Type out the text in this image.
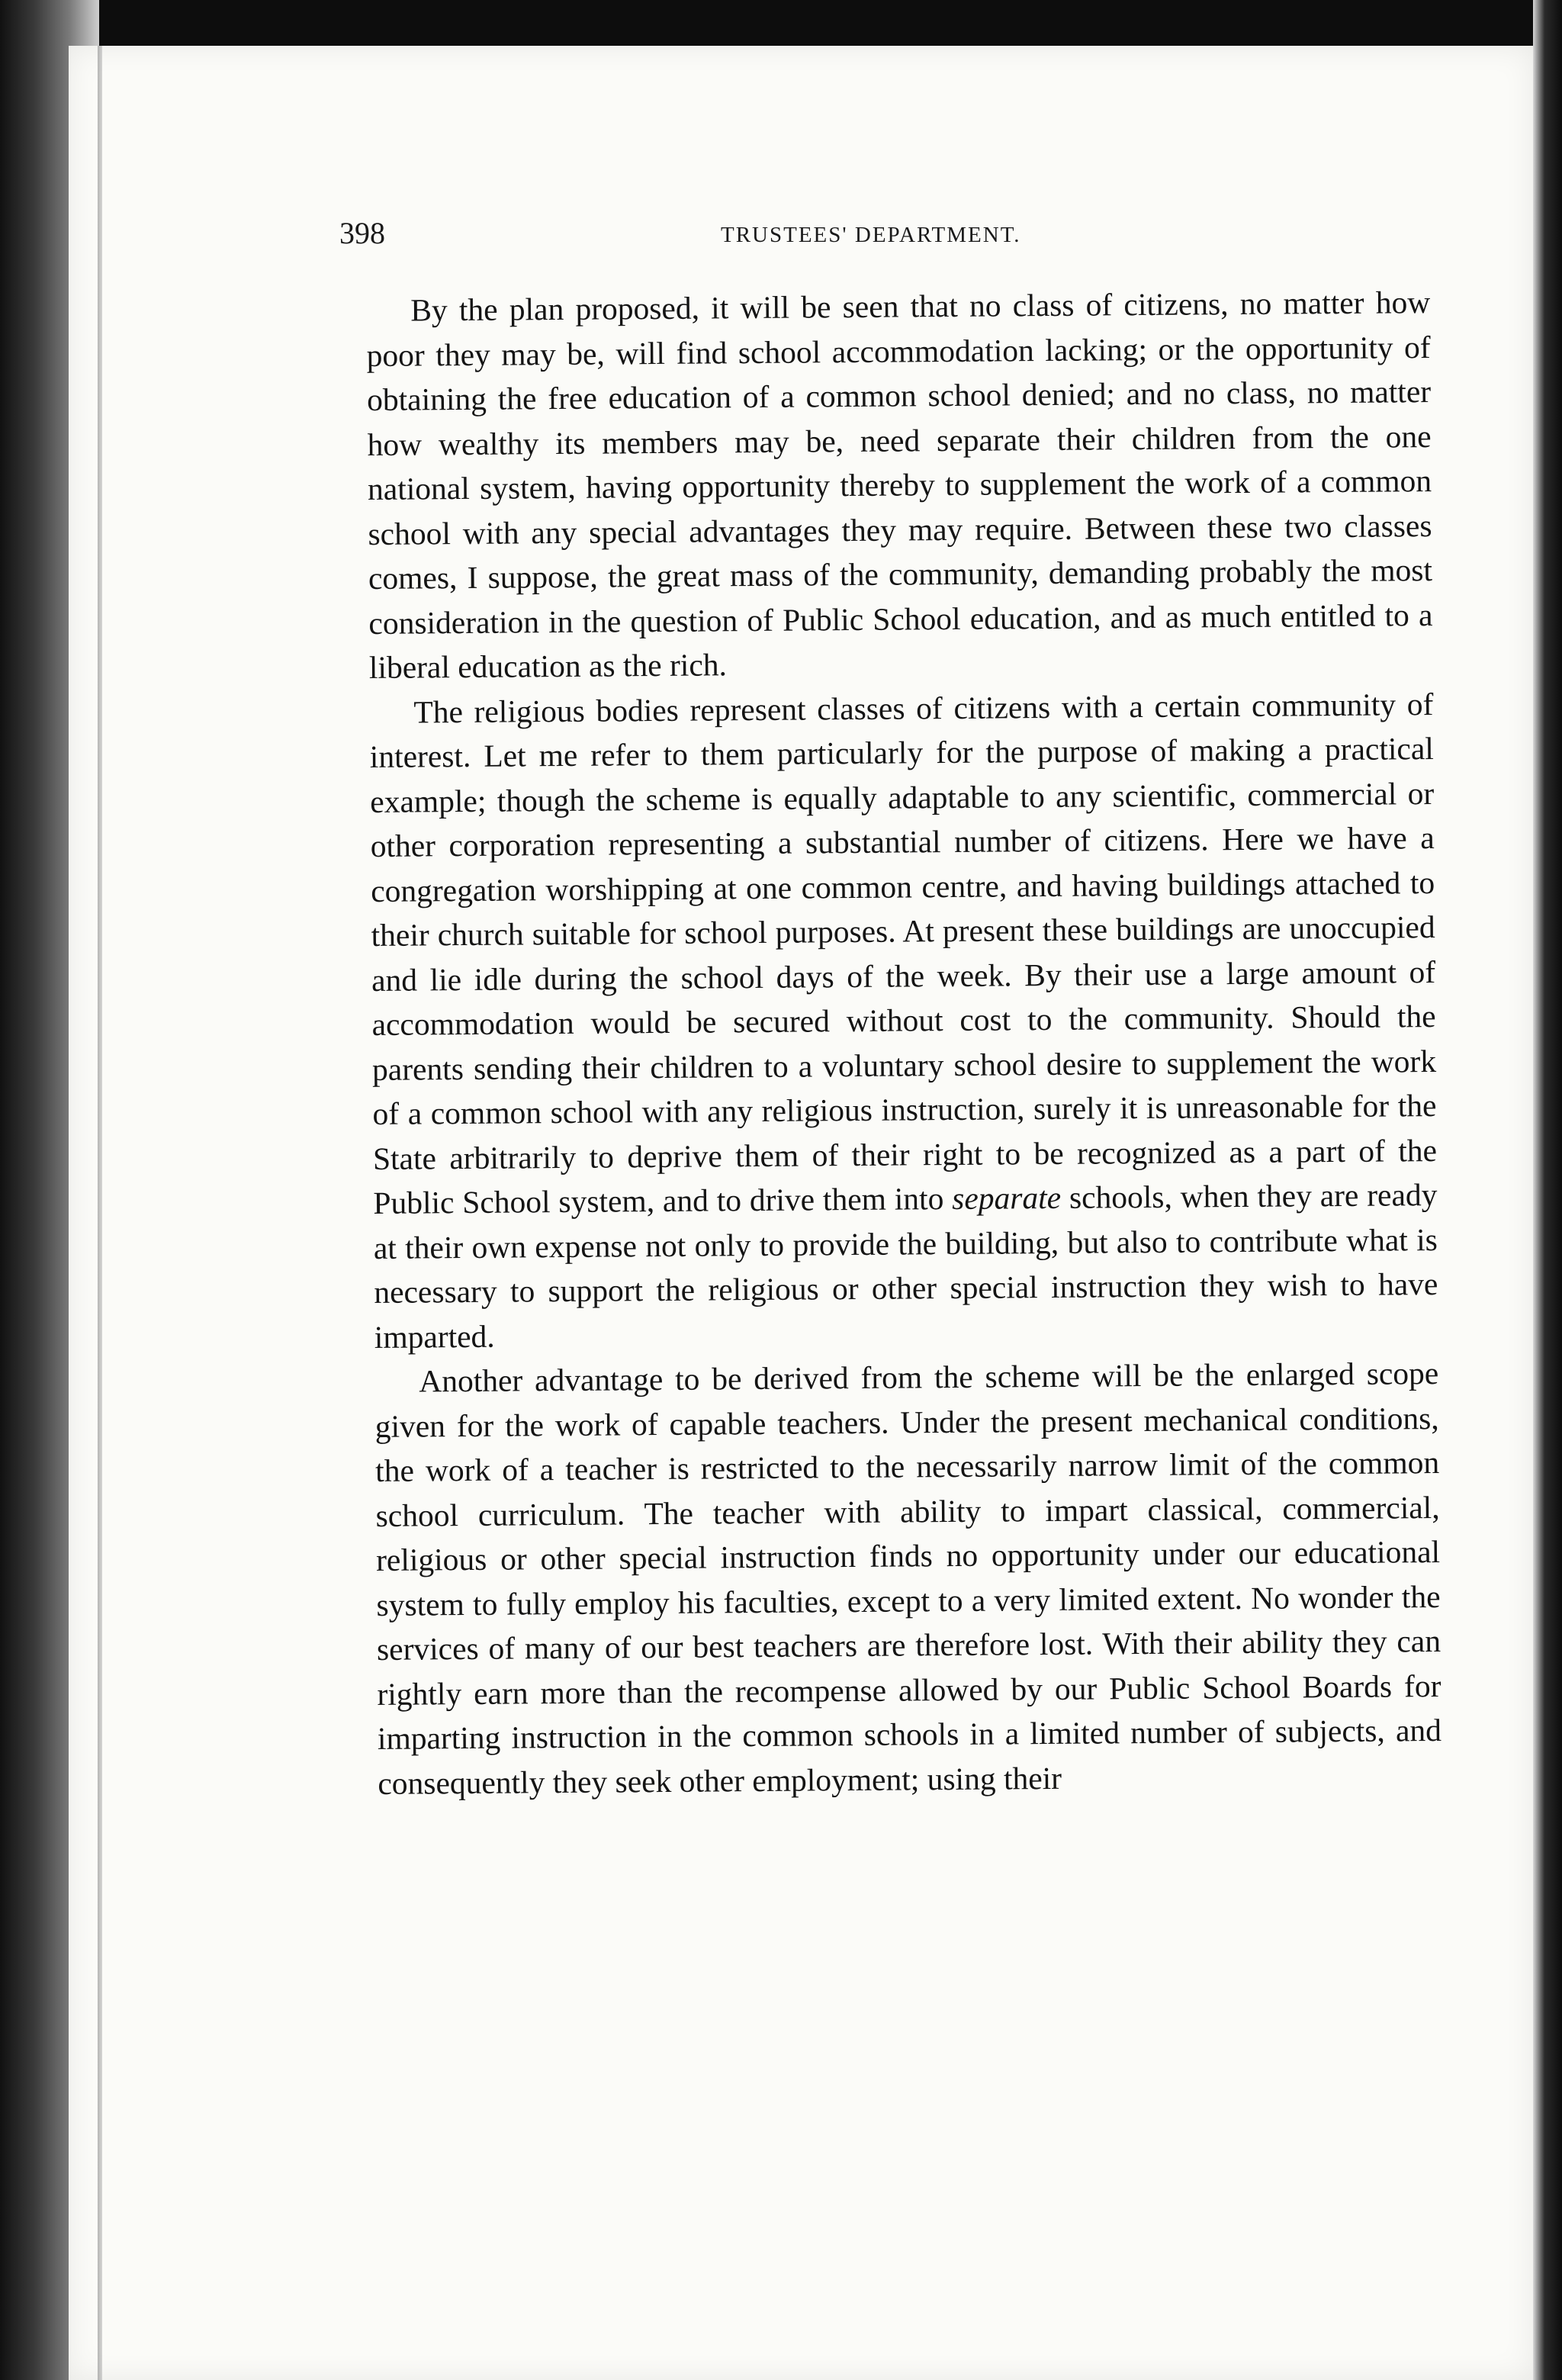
398	TRUSTEES' DEPARTMENT.

By the plan proposed, it will be seen that no class of citizens, no matter how poor they may be, will find school accommodation lacking; or the opportunity of obtaining the free education of a common school denied; and no class, no matter how wealthy its members may be, need separate their children from the one national system, having opportunity thereby to supplement the work of a common school with any special advantages they may require. Between these two classes comes, I suppose, the great mass of the community, demanding probably the most consideration in the question of Public School education, and as much entitled to a liberal education as the rich.

The religious bodies represent classes of citizens with a certain community of interest. Let me refer to them particularly for the purpose of making a practical example; though the scheme is equally adaptable to any scientific, commercial or other corporation representing a substantial number of citizens. Here we have a congregation worshipping at one common centre, and having buildings attached to their church suitable for school purposes. At present these buildings are unoccupied and lie idle during the school days of the week. By their use a large amount of accommodation would be secured without cost to the community. Should the parents sending their children to a voluntary school desire to supplement the work of a common school with any religious instruction, surely it is unreasonable for the State arbitrarily to deprive them of their right to be recognized as a part of the Public School system, and to drive them into separate schools, when they are ready at their own expense not only to provide the building, but also to contribute what is necessary to support the religious or other special instruction they wish to have imparted.

Another advantage to be derived from the scheme will be the enlarged scope given for the work of capable teachers. Under the present mechanical conditions, the work of a teacher is restricted to the necessarily narrow limit of the common school curriculum. The teacher with ability to impart classical, commercial, religious or other special instruction finds no opportunity under our educational system to fully employ his faculties, except to a very limited extent. No wonder the services of many of our best teachers are therefore lost. With their ability they can rightly earn more than the recompense allowed by our Public School Boards for imparting instruction in the common schools in a limited number of subjects, and consequently they seek other employment; using their
